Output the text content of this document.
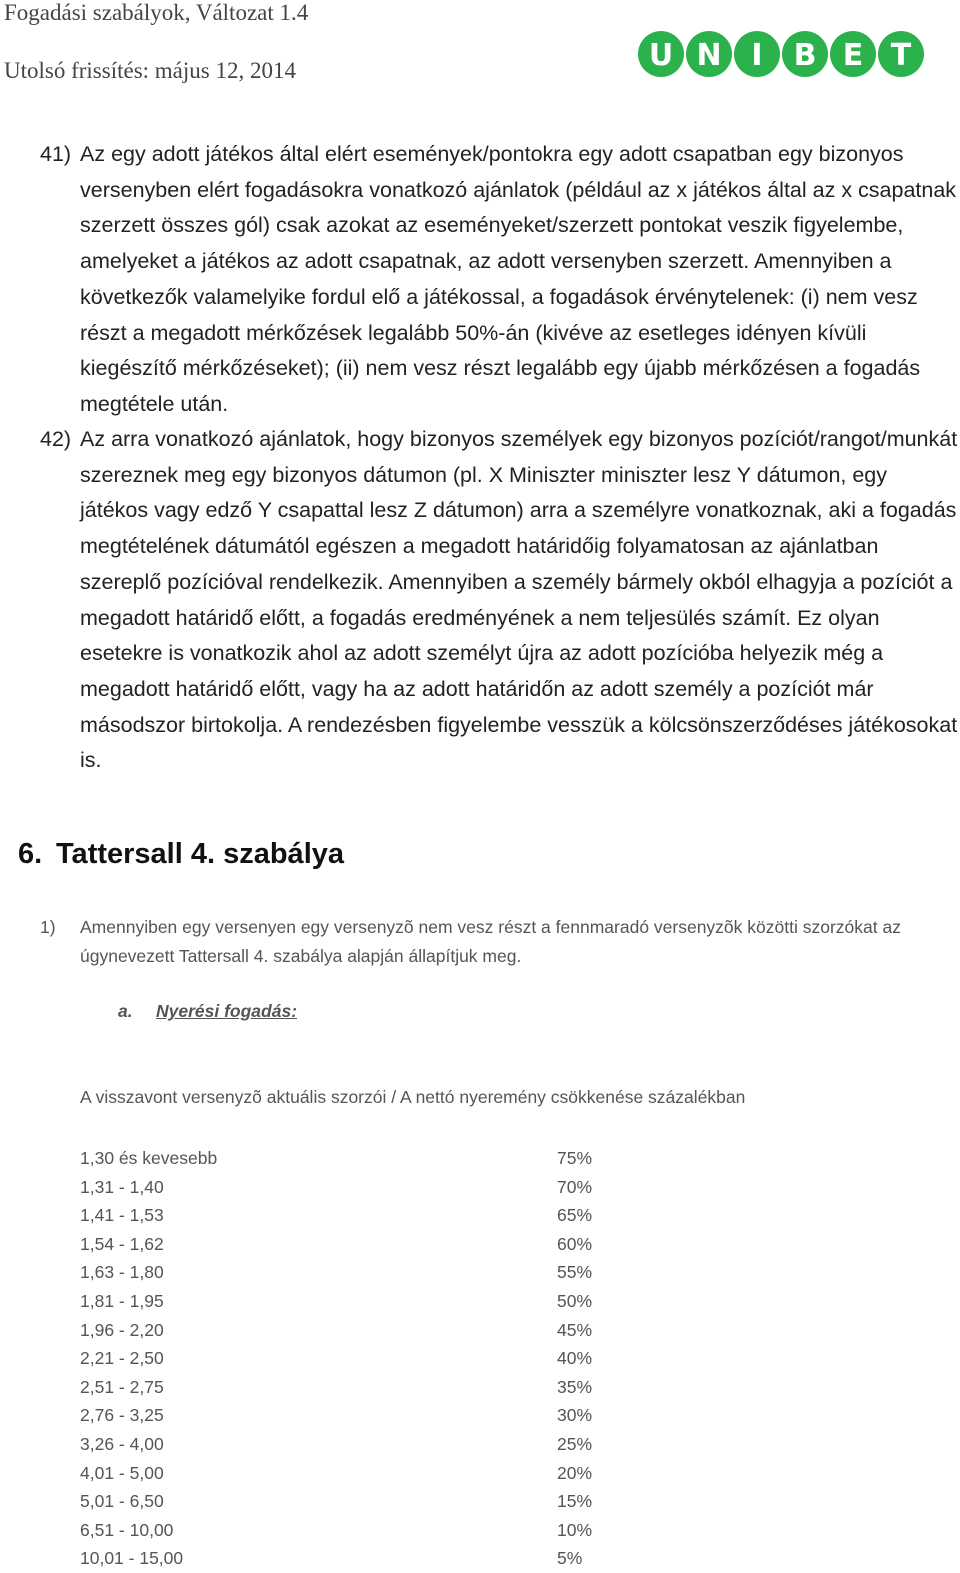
Fogadási szabályok, Változat 1.4
Utolsó frissítés: május 12, 2014	U N I B E T
41) Az egy adott játékos által elért események/pontokra egy adott csapatban egy bizonyos versenyben elért fogadásokra vonatkozó ajánlatok (például az x játékos által az x csapatnak szerzett összes gól) csak azokat az eseményeket/szerzett pontokat veszik figyelembe, amelyeket a játékos az adott csapatnak, az adott versenyben szerzett. Amennyiben a következők valamelyike fordul elő a játékossal, a fogadások érvénytelenek: (i) nem vesz részt a megadott mérkőzések legalább 50%-án (kivéve az esetleges idényen kívüli kiegészítő mérkőzéseket); (ii) nem vesz részt legalább egy újabb mérkőzésen a fogadás megtétele után.
42) Az arra vonatkozó ajánlatok, hogy bizonyos személyek egy bizonyos pozíciót/rangot/munkát szereznek meg egy bizonyos dátumon (pl. X Miniszter miniszter lesz Y dátumon, egy játékos vagy edző Y csapattal lesz Z dátumon) arra a személyre vonatkoznak, aki a fogadás megtételének dátumától egészen a megadott határidőig folyamatosan az ajánlatban szereplő pozícióval rendelkezik. Amennyiben a személy bármely okból elhagyja a pozíciót a megadott határidő előtt, a fogadás eredményének a nem teljesülés számít. Ez olyan esetekre is vonatkozik ahol az adott személyt újra az adott pozícióba helyezik még a megadott határidő előtt, vagy ha az adott határidőn az adott személy a pozíciót már másodszor birtokolja. A rendezésben figyelembe vesszük a kölcsönszerződéses játékosokat is.
6. Tattersall 4. szabálya
1)	Amennyiben egy versenyen egy versenyzõ nem vesz részt a fennmaradó versenyzõk közötti szorzókat az úgynevezett Tattersall 4. szabálya alapján állapítjuk meg.
a. Nyerési fogadás:
A visszavont versenyzõ aktuális szorzói / A nettó nyeremény csökkenése százalékban
1,30 és kevesebb	75%
1,31 - 1,40	70%
1,41 - 1,53	65%
1,54 - 1,62	60%
1,63 - 1,80	55%
1,81 - 1,95	50%
1,96 - 2,20	45%
2,21 - 2,50	40%
2,51 - 2,75	35%
2,76 - 3,25	30%
3,26 - 4,00	25%
4,01 - 5,00	20%
5,01 - 6,50	15%
6,51 - 10,00	10%
10,01 - 15,00	5%
